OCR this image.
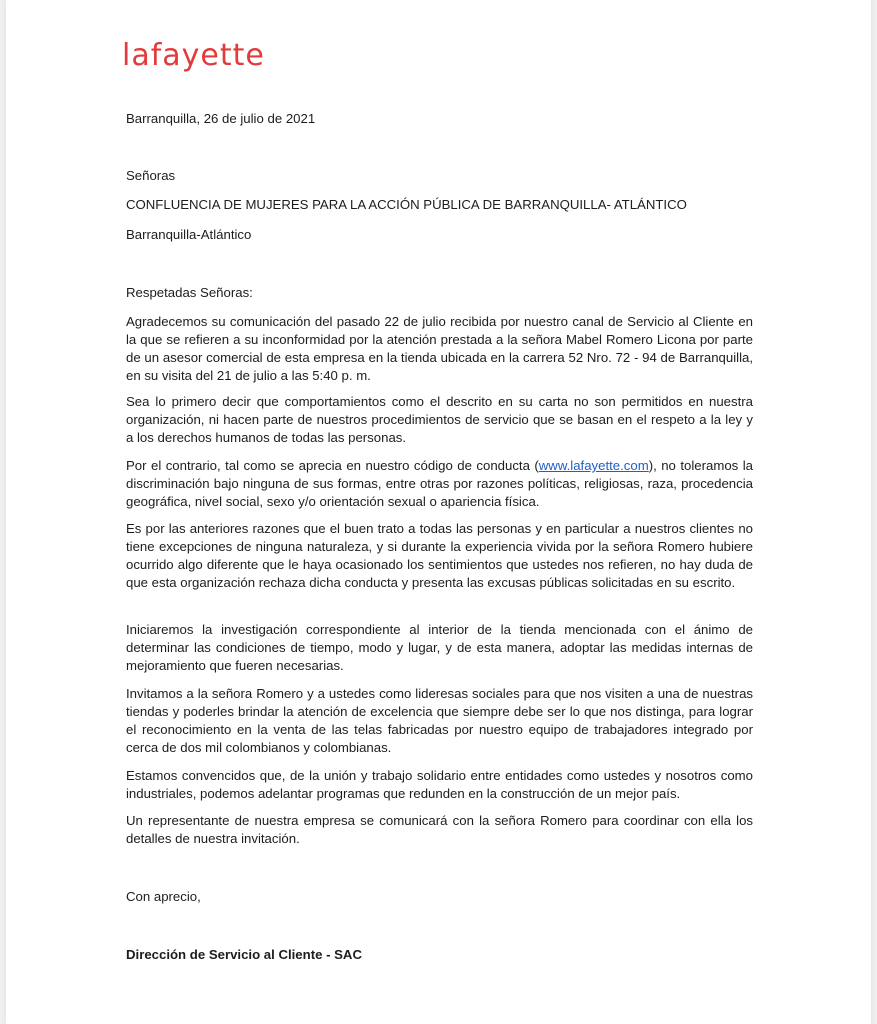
lafayette
Barranquilla, 26 de julio de 2021
Señoras
CONFLUENCIA DE MUJERES PARA LA ACCIÓN PÚBLICA DE BARRANQUILLA- ATLÁNTICO
Barranquilla-Atlántico
Respetadas Señoras:
Agradecemos su comunicación del pasado 22 de julio recibida por nuestro canal de Servicio al Cliente en la que se refieren a su inconformidad por la atención prestada a la señora Mabel Romero Licona por parte de un asesor comercial de esta empresa en la tienda ubicada en la carrera 52 Nro. 72 - 94 de Barranquilla, en su visita del 21 de julio a las 5:40 p. m.
Sea lo primero decir que comportamientos como el descrito en su carta no son permitidos en nuestra organización, ni hacen parte de nuestros procedimientos de servicio que se basan en el respeto a la ley y a los derechos humanos de todas las personas.
Por el contrario, tal como se aprecia en nuestro código de conducta (www.lafayette.com), no toleramos la discriminación bajo ninguna de sus formas, entre otras por razones políticas, religiosas, raza, procedencia geográfica, nivel social, sexo y/o orientación sexual o apariencia física.
Es por las anteriores razones que el buen trato a todas las personas y en particular a nuestros clientes no tiene excepciones de ninguna naturaleza, y si durante la experiencia vivida por la señora Romero hubiere ocurrido algo diferente que le haya ocasionado los sentimientos que ustedes nos refieren, no hay duda de que esta organización rechaza dicha conducta y presenta las excusas públicas solicitadas en su escrito.
Iniciaremos la investigación correspondiente al interior de la tienda mencionada con el ánimo de determinar las condiciones de tiempo, modo y lugar, y de esta manera, adoptar las medidas internas de mejoramiento que fueren necesarias.
Invitamos a la señora Romero y a ustedes como lideresas sociales para que nos visiten a una de nuestras tiendas y poderles brindar la atención de excelencia que siempre debe ser lo que nos distinga, para lograr el reconocimiento en la venta de las telas fabricadas por nuestro equipo de trabajadores integrado por cerca de dos mil colombianos y colombianas.
Estamos convencidos que, de la unión y trabajo solidario entre entidades como ustedes y nosotros como industriales, podemos adelantar programas que redunden en la construcción de un mejor país.
Un representante de nuestra empresa se comunicará con la señora Romero para coordinar con ella los detalles de nuestra invitación.
Con aprecio,
Dirección de Servicio al Cliente - SAC
